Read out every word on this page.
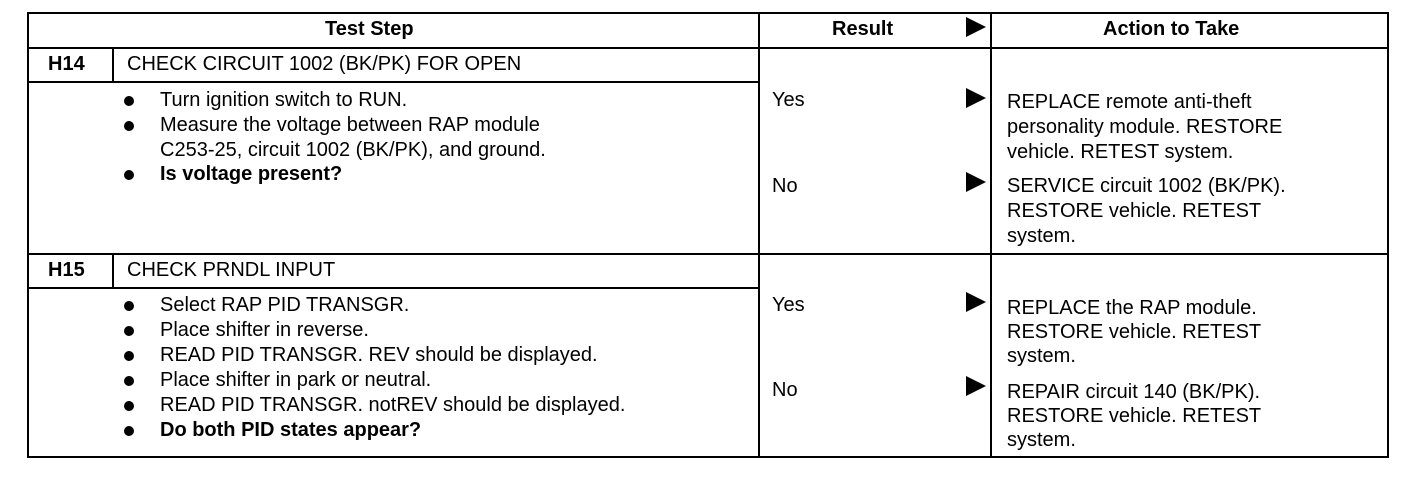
Test Step	Result	Action to Take
H14 CHECK CIRCUIT 1002 (BK/PK) FOR OPEN
Turn ignition switch to RUN.
Measure the voltage between RAP module
C253-25, circuit 1002 (BK/PK), and ground.
Is voltage present?
Yes	REPLACE remote anti-theft
personality module. RESTORE
vehicle. RETEST system.
No	SERVICE circuit 1002 (BK/PK).
RESTORE vehicle. RETEST
system.
H15 CHECK PRNDL INPUT
Select RAP PID TRANSGR.
Place shifter in reverse.
READ PID TRANSGR. REV should be displayed.
Place shifter in park or neutral.
READ PID TRANSGR. notREV should be displayed.
Do both PID states appear?
Yes	REPLACE the RAP module.
RESTORE vehicle. RETEST
system.
No	REPAIR circuit 140 (BK/PK).
RESTORE vehicle. RETEST
system.
